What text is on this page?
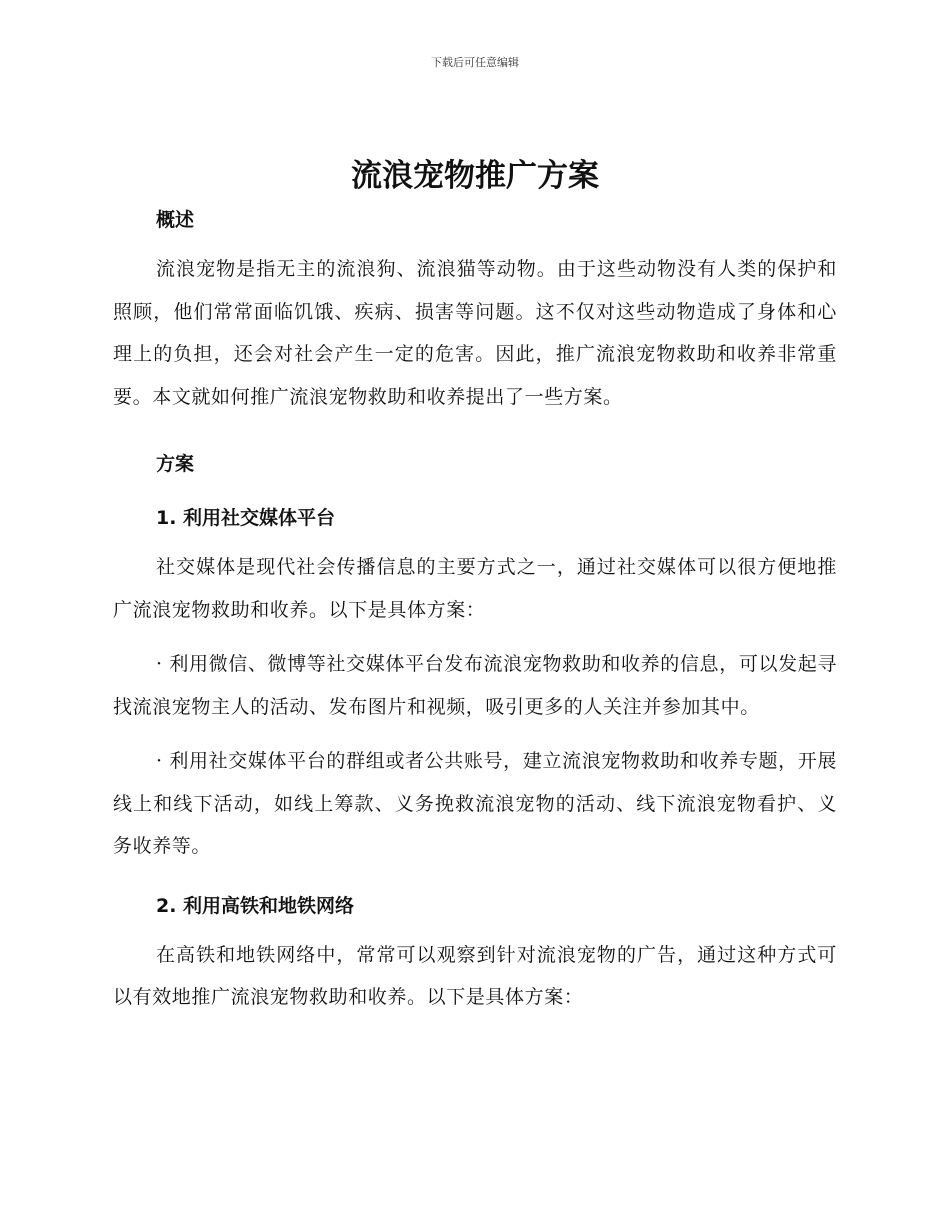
下载后可任意编辑
流浪宠物推广方案

概述

流浪宠物是指无主的流浪狗、流浪猫等动物。由于这些动物没有人类的保护和照顾，他们常常面临饥饿、疾病、损害等问题。这不仅对这些动物造成了身体和心理上的负担，还会对社会产生一定的危害。因此，推广流浪宠物救助和收养非常重要。本文就如何推广流浪宠物救助和收养提出了一些方案。

方案

1. 利用社交媒体平台

社交媒体是现代社会传播信息的主要方式之一，通过社交媒体可以很方便地推广流浪宠物救助和收养。以下是具体方案：

· 利用微信、微博等社交媒体平台发布流浪宠物救助和收养的信息，可以发起寻找流浪宠物主人的活动、发布图片和视频，吸引更多的人关注并参加其中。

· 利用社交媒体平台的群组或者公共账号，建立流浪宠物救助和收养专题，开展线上和线下活动，如线上筹款、义务挽救流浪宠物的活动、线下流浪宠物看护、义务收养等。

2. 利用高铁和地铁网络

在高铁和地铁网络中，常常可以观察到针对流浪宠物的广告，通过这种方式可以有效地推广流浪宠物救助和收养。以下是具体方案：
